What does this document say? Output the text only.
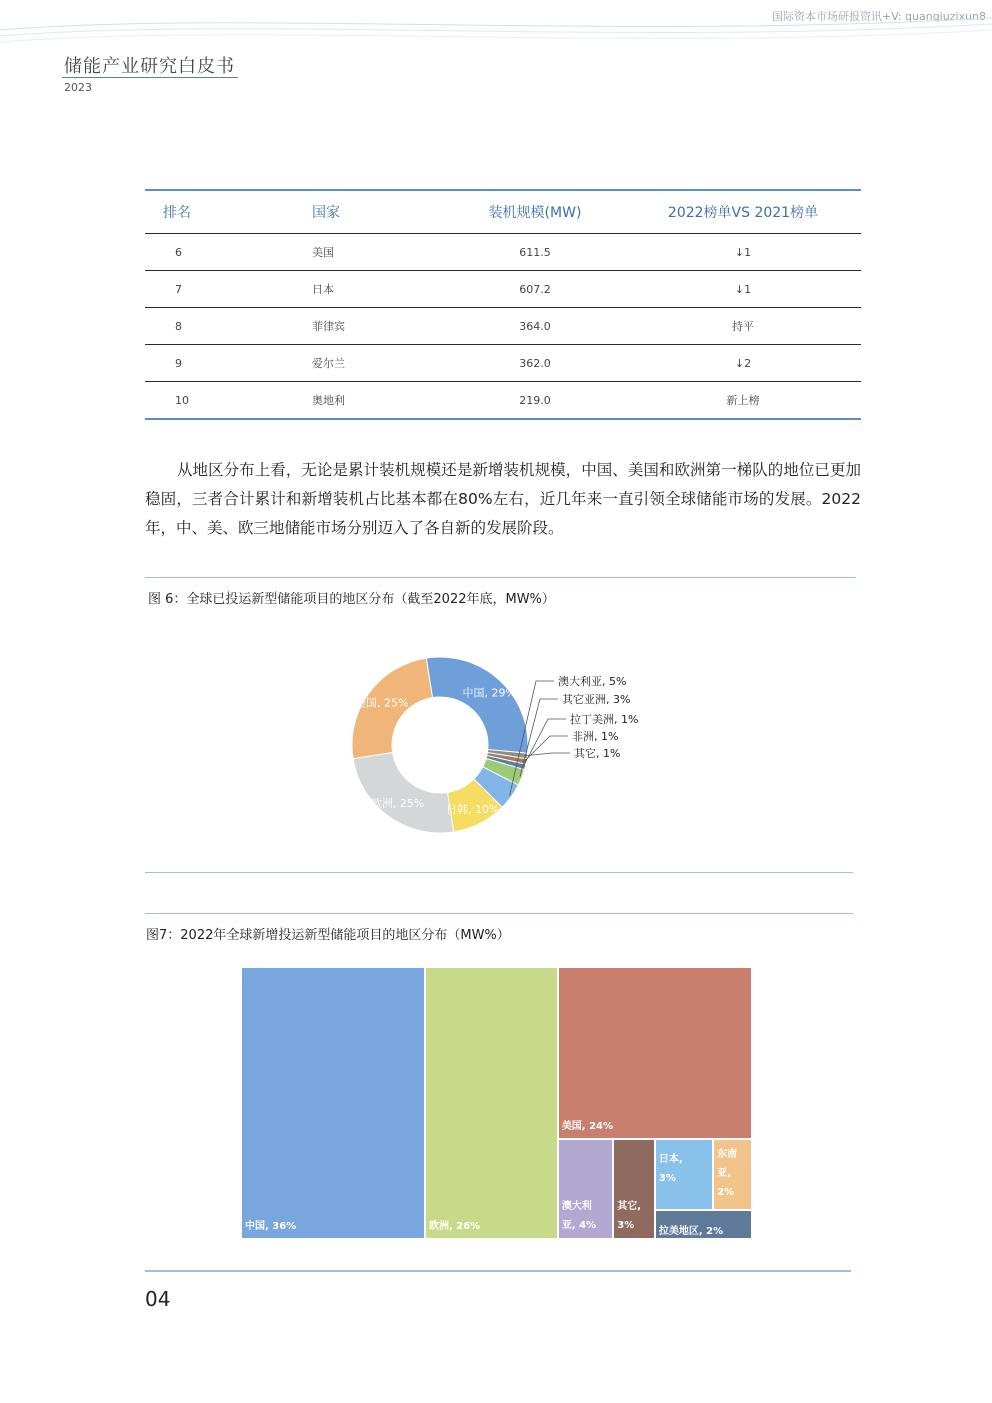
国际资本市场研报资讯+V: quanqiuzixun8
储能产业研究白皮书
2023
排名	国家	装机规模(MW)	2022榜单VS 2021榜单
6	美国	611.5	↓1
7	日本	607.2	↓1
8	菲律宾	364.0	持平
9	爱尔兰	362.0	↓2
10	奥地利	219.0	新上榜
从地区分布上看，无论是累计装机规模还是新增装机规模，中国、美国和欧洲第一梯队的地位已更加稳固，三者合计累计和新增装机占比基本都在80%左右，近几年来一直引领全球储能市场的发展。2022年，中、美、欧三地储能市场分别迈入了各自新的发展阶段。
图 6：全球已投运新型储能项目的地区分布（截至2022年底，MW%）
中国, 29%
美国, 25%
欧洲, 25% 日韩, 10%
澳大利亚, 5%
其它亚洲, 3%
拉丁美洲, 1%
非洲, 1%
其它, 1%
图7：2022年全球新增投运新型储能项目的地区分布（MW%）
中国, 36%	欧洲, 26%
美国, 24%
澳大利
亚, 4%
其它,
3%
日本,
3%
东南
亚,
2%
拉美地区, 2%
04
